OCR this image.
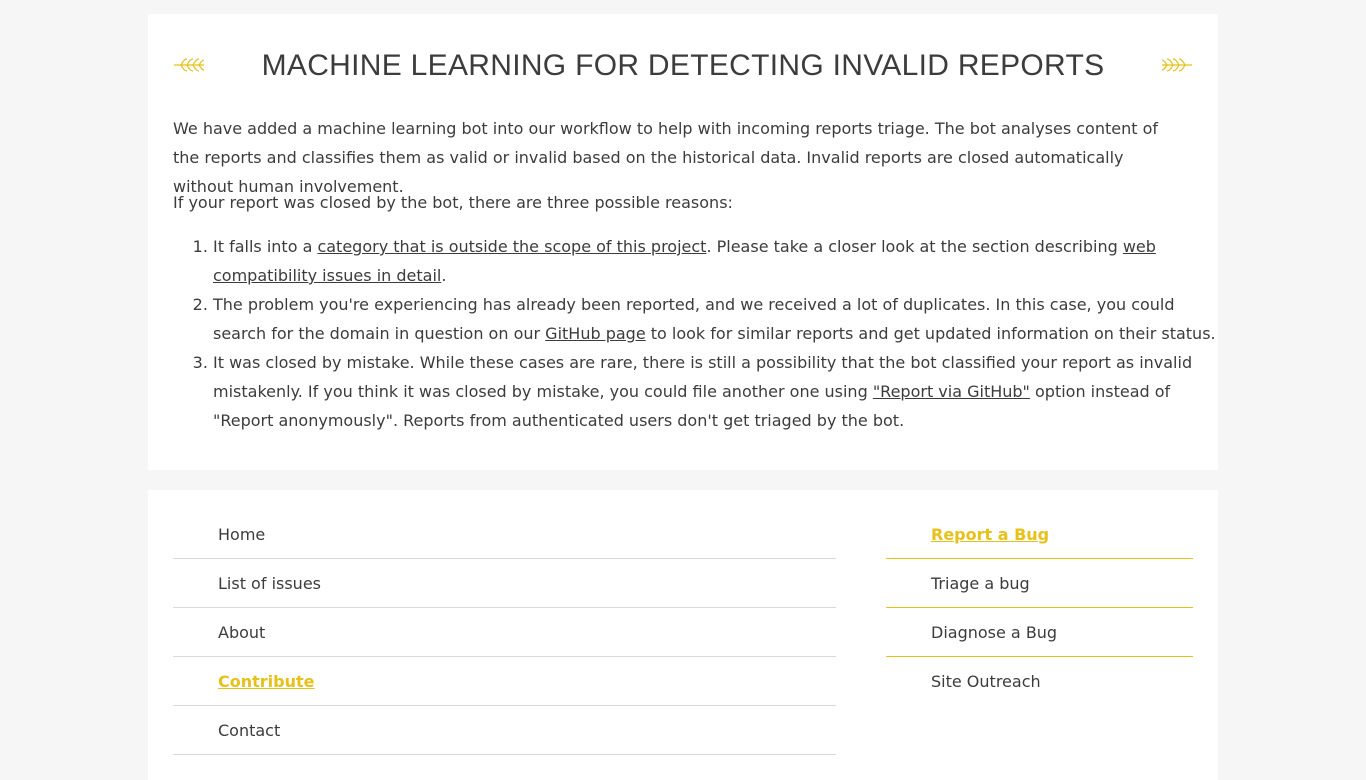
MACHINE LEARNING FOR DETECTING INVALID REPORTS

We have added a machine learning bot into our workflow to help with incoming reports triage. The bot analyses content of the reports and classifies them as valid or invalid based on the historical data. Invalid reports are closed automatically without human involvement.

If your report was closed by the bot, there are three possible reasons:

1. It falls into a category that is outside the scope of this project. Please take a closer look at the section describing web compatibility issues in detail.
2. The problem you're experiencing has already been reported, and we received a lot of duplicates. In this case, you could search for the domain in question on our GitHub page to look for similar reports and get updated information on their status.
3. It was closed by mistake. While these cases are rare, there is still a possibility that the bot classified your report as invalid mistakenly. If you think it was closed by mistake, you could file another one using "Report via GitHub" option instead of "Report anonymously". Reports from authenticated users don't get triaged by the bot.
Home
List of issues
About
Contribute
Contact
Report a Bug
Triage a bug
Diagnose a Bug
Site Outreach
